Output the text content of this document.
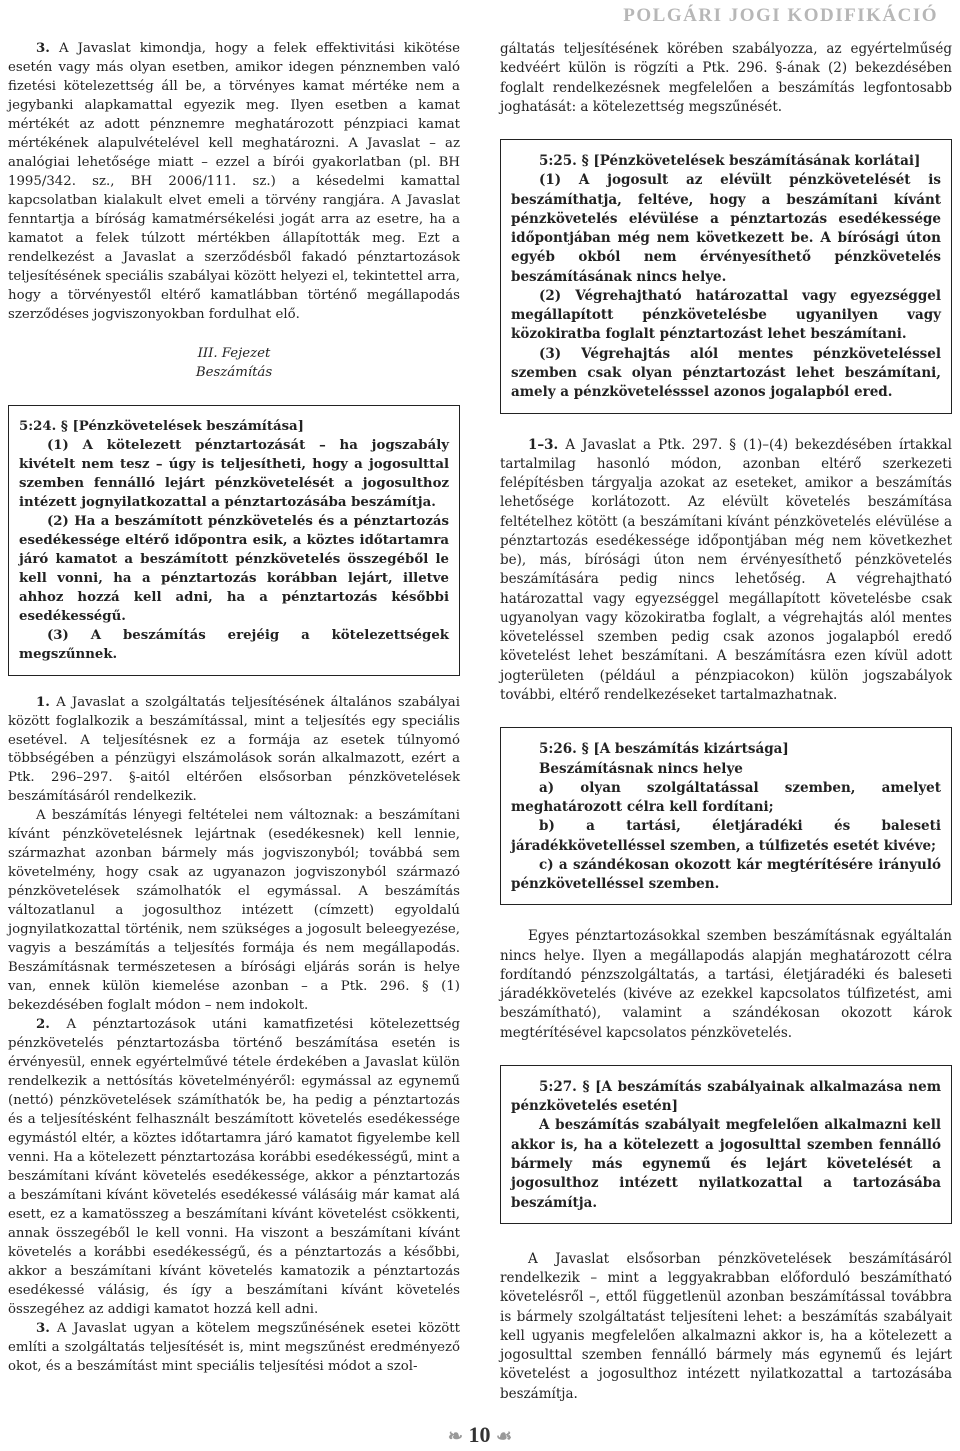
POLGÁRI JOGI KODIFIKÁCIÓ

3. A Javaslat kimondja, hogy a felek effektivitási kikötése esetén vagy más olyan esetben, amikor idegen pénznemben való fizetési kötelezettség áll be, a törvényes kamat mértéke nem a jegybanki alapkamattal egyezik meg. Ilyen esetben a kamat mértékét az adott pénznemre meghatározott pénzpiaci kamat mértékének alapulvételével kell meghatározni. A Javaslat – az analógiai lehetősége miatt – ezzel a bírói gyakorlatban (pl. BH 1995/342. sz., BH 2006/111. sz.) a késedelmi kamattal kapcsolatban kialakult elvet emeli a törvény rangjára. A Javaslat fenntartja a bíróság kamatmérsékelési jogát arra az esetre, ha a kamatot a felek túlzott mértékben állapították meg. Ezt a rendelkezést a Javaslat a szerződésből fakadó pénztartozások teljesítésének speciális szabályai között helyezi el, tekintettel arra, hogy a törvényestől eltérő kamatlábban történő megállapodás szerződéses jogviszonyokban fordulhat elő.

III. Fejezet
Beszámítás
5:24. § [Pénzkövetelések beszámítása]

(1) A kötelezett pénztartozását – ha jogszabály kivételt nem tesz – úgy is teljesítheti, hogy a jogosulttal szemben fennálló lejárt pénzkövetelését a jogosulthoz intézett jognyilatkozattal a pénztartozásába beszámítja.

(2) Ha a beszámított pénzkövetelés és a pénztartozás esedékessége eltérő időpontra esik, a köztes időtartamra járó kamatot a beszámított pénzkövetelés összegéből le kell vonni, ha a pénztartozás korábban lejárt, illetve ahhoz hozzá kell adni, ha a pénztartozás későbbi esedékességű.

(3) A beszámítás erejéig a kötelezettségek megszűnnek.

1. A Javaslat a szolgáltatás teljesítésének általános szabályai között foglalkozik a beszámítással, mint a teljesítés egy speciális esetével. A teljesítésnek ez a formája az esetek túlnyomó többségében a pénzügyi elszámolások során alkalmazott, ezért a Ptk. 296–297. §-aitól eltérően elsősorban pénzkövetelések beszámításáról rendelkezik.

A beszámítás lényegi feltételei nem változnak: a beszámítani kívánt pénzkövetelésnek lejártnak (esedékesnek) kell lennie, származhat azonban bármely más jogviszonyból; továbbá sem követelmény, hogy csak az ugyanazon jogviszonyból származó pénzkövetelések számolhatók el egymással. A beszámítás változatlanul a jogosulthoz intézett (címzett) egyoldalú jognyilatkozattal történik, nem szükséges a jogosult beleegyezése, vagyis a beszámítás a teljesítés formája és nem megállapodás. Beszámításnak természetesen a bírósági eljárás során is helye van, ennek külön kiemelése azonban – a Ptk. 296. § (1) bekezdésében foglalt módon – nem indokolt.

2. A pénztartozások utáni kamatfizetési kötelezettség pénzkövetelés pénztartozásba történő beszámítása esetén is érvényesül, ennek egyértelművé tétele érdekében a Javaslat külön rendelkezik a nettósítás követelményéről: egymással az egynemű (nettó) pénzkövetelések számíthatók be, ha pedig a pénztartozás és a teljesítésként felhasznált beszámított követelés esedékessége egymástól eltér, a köztes időtartamra járó kamatot figyelembe kell venni. Ha a kötelezett pénztartozása korábbi esedékességű, mint a beszámítani kívánt követelés esedékessége, akkor a pénztartozás a beszámítani kívánt követelés esedékessé válásáig már kamat alá esett, ez a kamatösszeg a beszámítani kívánt követelést csökkenti, annak összegéből le kell vonni. Ha viszont a beszámítani kívánt követelés a korábbi esedékességű, és a pénztartozás a későbbi, akkor a beszámítani kívánt követelés kamatozik a pénztartozás esedékessé válásig, és így a beszámítani kívánt követelés összegéhez az addigi kamatot hozzá kell adni.

3. A Javaslat ugyan a kötelem megszűnésének esetei között említi a szolgáltatás teljesítését is, mint megszűnést eredményező okot, és a beszámítást mint speciális teljesítési módot a szol-

gáltatás teljesítésének körében szabályozza, az egyértelműség kedvéért külön is rögzíti a Ptk. 296. §-ának (2) bekezdésében foglalt rendelkezésnek megfelelően a beszámítás legfontosabb joghatását: a kötelezettség megszűnését.

5:25. § [Pénzkövetelések beszámításának korlátai]

(1) A jogosult az elévült pénzkövetelését is beszámíthatja, feltéve, hogy a beszámítani kívánt pénzkövetelés elévülése a pénztartozás esedékessége időpontjában még nem következett be. A bírósági úton egyéb okból nem érvényesíthető pénzkövetelés beszámításának nincs helye.

(2) Végrehajtható határozattal vagy egyezséggel megállapított pénzkövetelésbe ugyanilyen vagy közokiratba foglalt pénztartozást lehet beszámítani.

(3) Végrehajtás alól mentes pénzköveteléssel szemben csak olyan pénztartozást lehet beszámítani, amely a pénzkövetelésssel azonos jogalapból ered.

1–3. A Javaslat a Ptk. 297. § (1)–(4) bekezdésében írtakkal tartalmilag hasonló módon, azonban eltérő szerkezeti felépítésben tárgyalja azokat az eseteket, amikor a beszámítás lehetősége korlátozott. Az elévült követelés beszámítása feltételhez kötött (a beszámítani kívánt pénzkövetelés elévülése a pénztartozás esedékessége időpontjában még nem következhet be), más, bírósági úton nem érvényesíthető pénzkövetelés beszámítására pedig nincs lehetőség. A végrehajtható határozattal vagy egyezséggel megállapított követelésbe csak ugyanolyan vagy közokiratba foglalt, a végrehajtás alól mentes követeléssel szemben pedig csak azonos jogalapból eredő követelést lehet beszámítani. A beszámításra ezen kívül adott jogterületen (például a pénzpiacokon) külön jogszabályok további, eltérő rendelkezéseket tartalmazhatnak.

5:26. § [A beszámítás kizártsága]

Beszámításnak nincs helye

a) olyan szolgáltatással szemben, amelyet meghatározott célra kell fordítani;

b) a tartási, életjáradéki és baleseti járadékkövetelléssel szemben, a túlfizetés esetét kivéve;

c) a szándékosan okozott kár megtérítésére irányuló pénzkövetelléssel szemben.

Egyes pénztartozásokkal szemben beszámításnak egyáltalán nincs helye. Ilyen a megállapodás alapján meghatározott célra fordítandó pénzszolgáltatás, a tartási, életjáradéki és baleseti járadékkövetelés (kivéve az ezekkel kapcsolatos túlfizetést, ami beszámítható), valamint a szándékosan okozott károk megtérítésével kapcsolatos pénzkövetelés.

5:27. § [A beszámítás szabályainak alkalmazása nem pénzkövetelés esetén]

A beszámítás szabályait megfelelően alkalmazni kell akkor is, ha a kötelezett a jogosulttal szemben fennálló bármely más egynemű és lejárt követelését a jogosulthoz intézett nyilatkozattal a tartozásába beszámítja.

A Javaslat elsősorban pénzkövetelések beszámításáról rendelkezik – mint a leggyakrabban előforduló beszámítható követelésről –, ettől függetlenül azonban beszámítással továbbra is bármely szolgáltatást teljesíteni lehet: a beszámítás szabályait kell ugyanis megfelelően alkalmazni akkor is, ha a kötelezett a jogosulttal szemben fennálló bármely más egynemű és lejárt követelést a jogosulthoz intézett nyilatkozattal a tartozásába beszámítja.

❧ 10 ☙
